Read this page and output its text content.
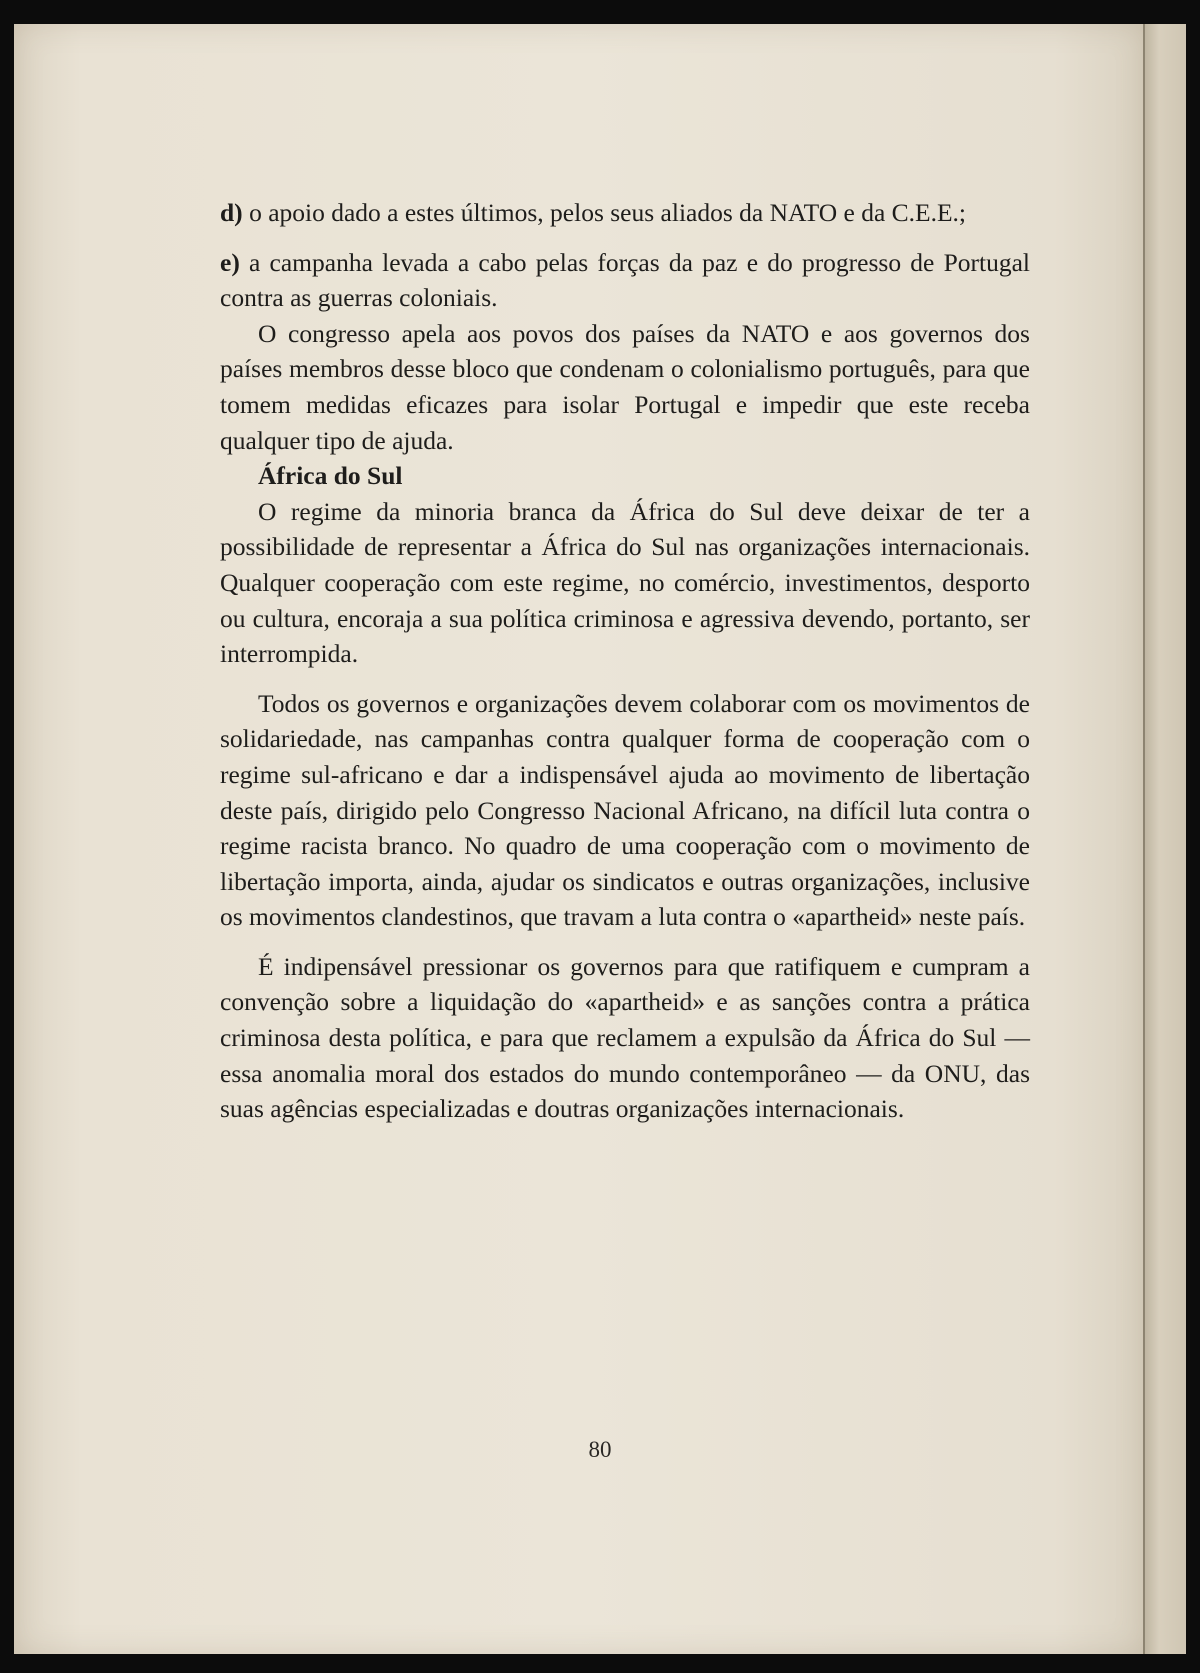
d) o apoio dado a estes últimos, pelos seus aliados da NATO e da C.E.E.;

e) a campanha levada a cabo pelas forças da paz e do progresso de Portugal contra as guerras coloniais.

O congresso apela aos povos dos países da NATO e aos governos dos países membros desse bloco que condenam o colonialismo português, para que tomem medidas eficazes para isolar Portugal e impedir que este receba qualquer tipo de ajuda.

África do Sul

O regime da minoria branca da África do Sul deve deixar de ter a possibilidade de representar a África do Sul nas organizações internacionais. Qualquer cooperação com este regime, no comércio, investimentos, desporto ou cultura, encoraja a sua política criminosa e agressiva devendo, portanto, ser interrompida.

Todos os governos e organizações devem colaborar com os movimentos de solidariedade, nas campanhas contra qualquer forma de cooperação com o regime sul-africano e dar a indispensável ajuda ao movimento de libertação deste país, dirigido pelo Congresso Nacional Africano, na difícil luta contra o regime racista branco. No quadro de uma cooperação com o movimento de libertação importa, ainda, ajudar os sindicatos e outras organizações, inclusive os movimentos clandestinos, que travam a luta contra o «apartheid» neste país.

É indipensável pressionar os governos para que ratifiquem e cumpram a convenção sobre a liquidação do «apartheid» e as sanções contra a prática criminosa desta política, e para que reclamem a expulsão da África do Sul — essa anomalia moral dos estados do mundo contemporâneo — da ONU, das suas agências especializadas e doutras organizações internacionais.

80
